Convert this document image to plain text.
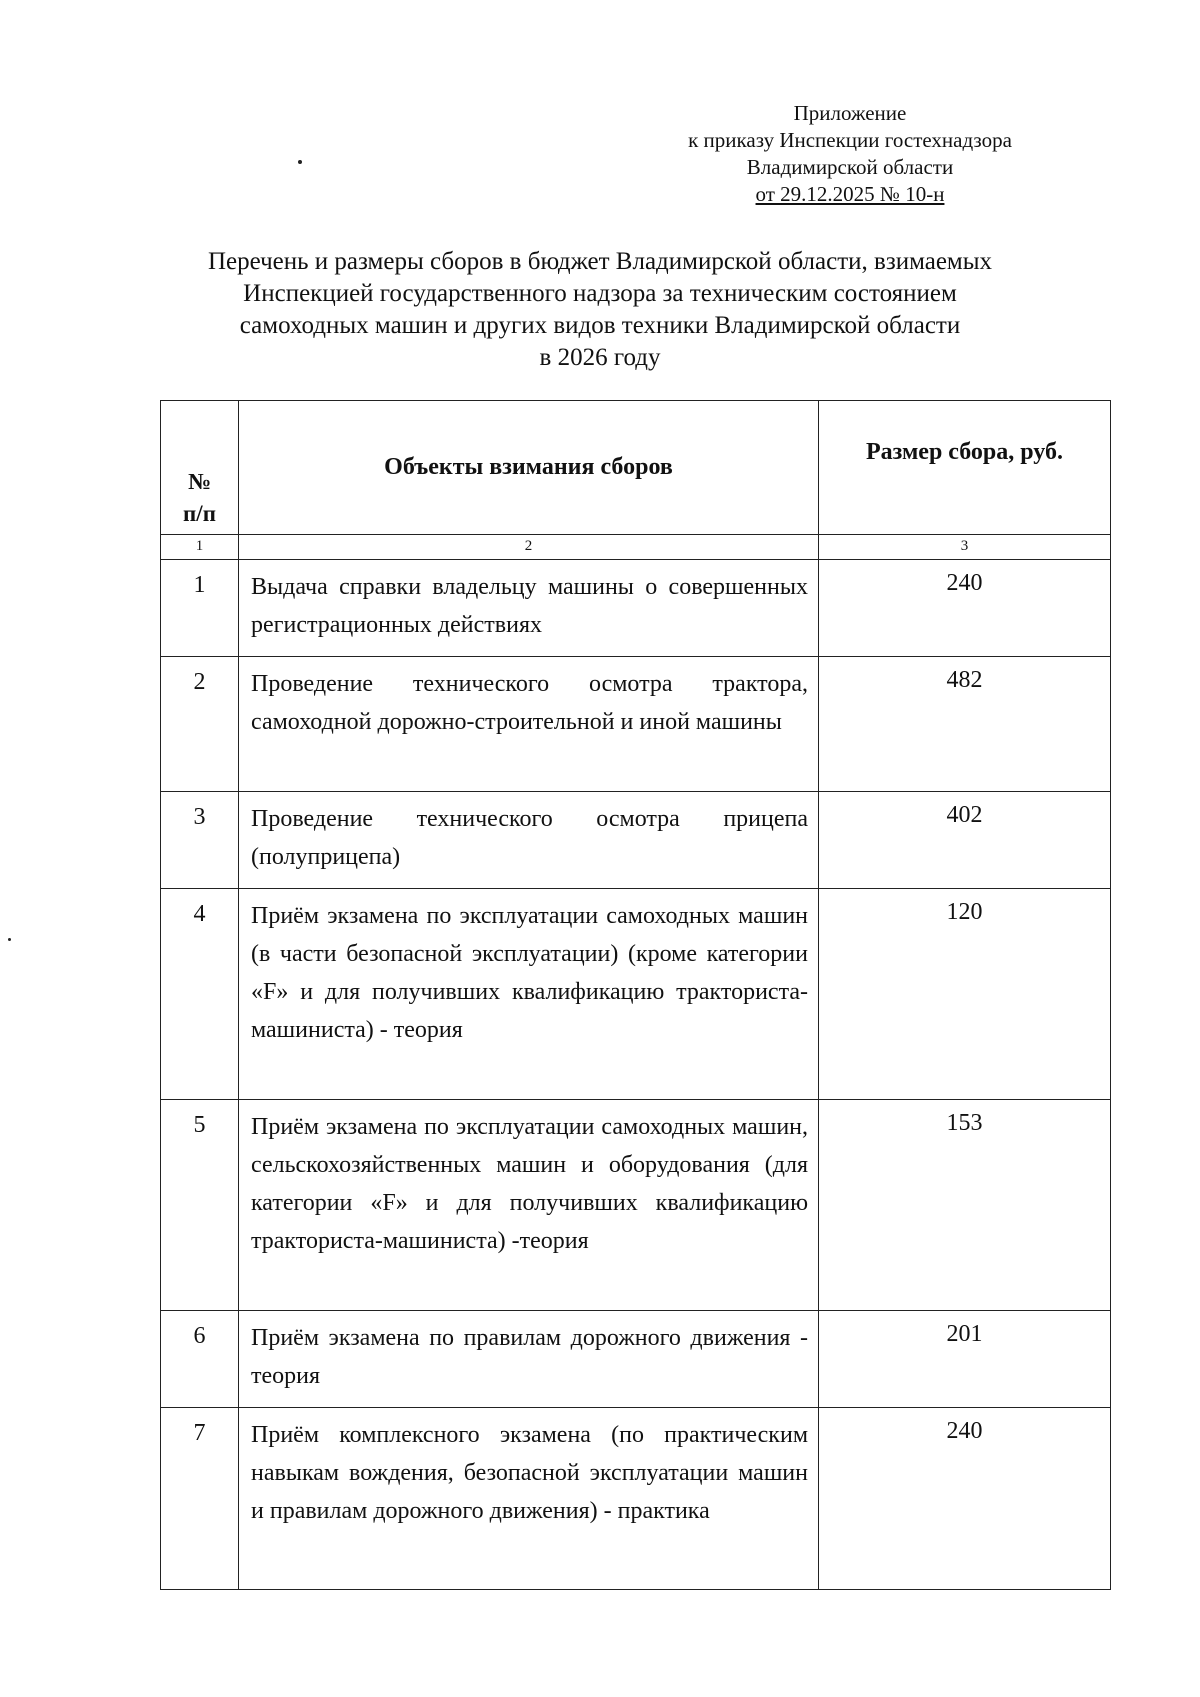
Приложение
к приказу Инспекции гостехнадзора
Владимирской области
от 29.12.2025 № 10-н
Перечень и размеры сборов в бюджет Владимирской области, взимаемых
Инспекцией государственного надзора за техническим состоянием
самоходных машин и других видов техники Владимирской области
в 2026 году
№
п/п	Объекты взимания сборов	Размер сбора, руб.
1	2	3
1	Выдача справки владельцу машины о совершенных регистрационных действиях	240
2	Проведение технического осмотра трактора, самоходной дорожно-строительной и иной машины	482
3	Проведение технического осмотра прицепа (полуприцепа)	402
4	Приём экзамена по эксплуатации самоходных машин (в части безопасной эксплуатации) (кроме категории «F» и для получивших квалификацию тракториста-машиниста) - теория	120
5	Приём экзамена по эксплуатации самоходных машин, сельскохозяйственных машин и оборудования (для категории «F» и для получивших квалификацию тракториста-машиниста) -теория	153
6	Приём экзамена по правилам дорожного движения - теория	201
7	Приём комплексного экзамена (по практическим навыкам вождения, безопасной эксплуатации машин и правилам дорожного движения) - практика	240
